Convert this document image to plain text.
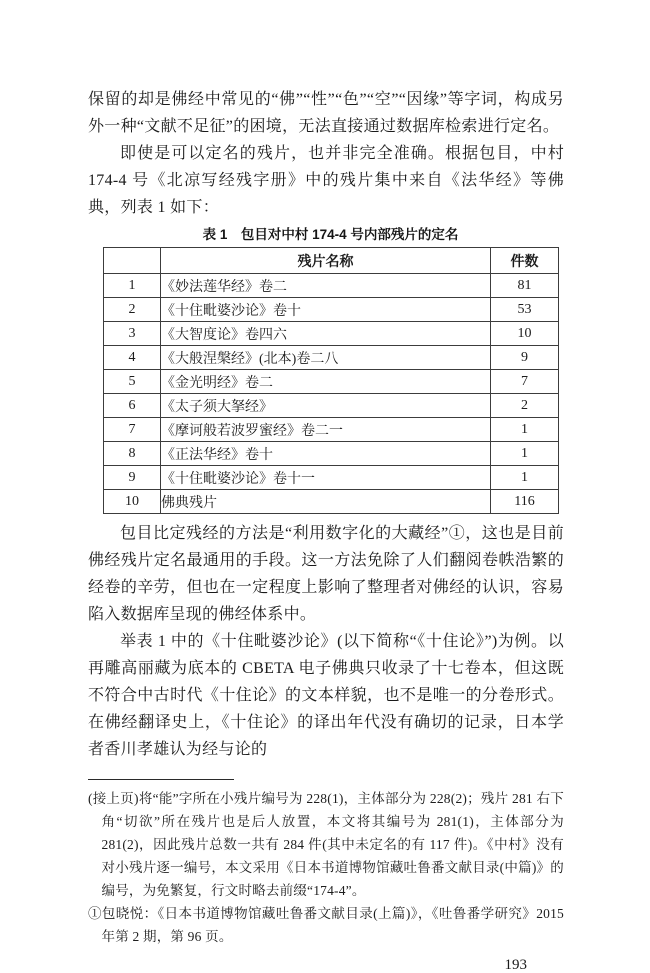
保留的却是佛经中常见的“佛”“性”“色”“空”“因缘”等字词，构成另外一种“文献不足征”的困境，无法直接通过数据库检索进行定名。

即使是可以定名的残片，也并非完全准确。根据包目，中村 174-4 号《北凉写经残字册》中的残片集中来自《法华经》等佛典，列表 1 如下：

表 1　包目对中村 174-4 号内部残片的定名
	残片名称	件数
1	《妙法莲华经》卷二	81
2	《十住毗婆沙论》卷十	53
3	《大智度论》卷四六	10
4	《大般涅槃经》(北本)卷二八	9
5	《金光明经》卷二	7
6	《太子须大拏经》	2
7	《摩诃般若波罗蜜经》卷二一	1
8	《正法华经》卷十	1
9	《十住毗婆沙论》卷十一	1
10	佛典残片	116

包目比定残经的方法是“利用数字化的大藏经”①，这也是目前佛经残片定名最通用的手段。这一方法免除了人们翻阅卷帙浩繁的经卷的辛劳，但也在一定程度上影响了整理者对佛经的认识，容易陷入数据库呈现的佛经体系中。

举表 1 中的《十住毗婆沙论》(以下简称“《十住论》”)为例。以再雕高丽藏为底本的 CBETA 电子佛典只收录了十七卷本，但这既不符合中古时代《十住论》的文本样貌，也不是唯一的分卷形式。在佛经翻译史上，《十住论》的译出年代没有确切的记录，日本学者香川孝雄认为经与论的

(接上页)将“能”字所在小残片编号为 228(1)，主体部分为 228(2)；残片 281 右下角“切欲”所在残片也是后人放置，本文将其编号为 281(1)，主体部分为 281(2)，因此残片总数一共有 284 件(其中未定名的有 117 件)。《中村》没有对小残片逐一编号，本文采用《日本书道博物馆藏吐鲁番文献目录(中篇)》的编号，为免繁复，行文时略去前缀“174-4”。

①包晓悦：《日本书道博物馆藏吐鲁番文献目录(上篇)》，《吐鲁番学研究》2015 年第 2 期，第 96 页。

193
